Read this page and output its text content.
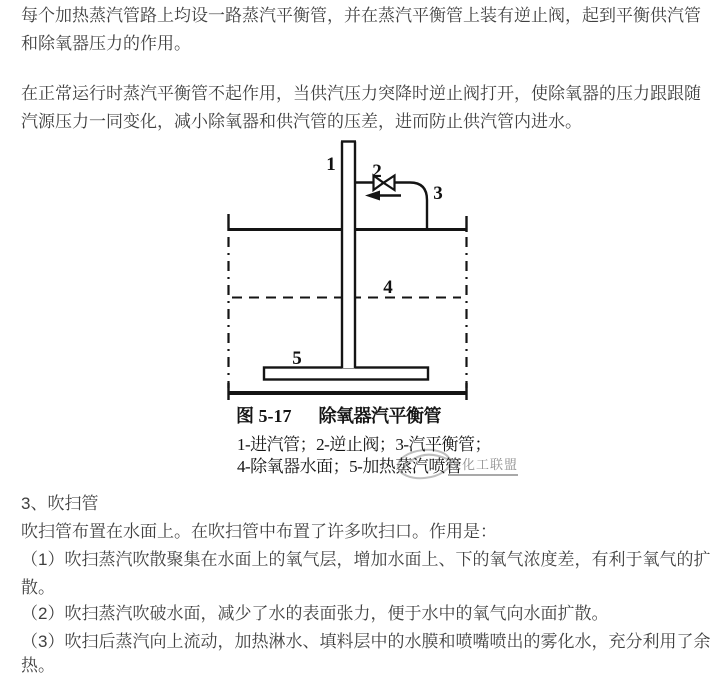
每个加热蒸汽管路上均设一路蒸汽平衡管，并在蒸汽平衡管上装有逆止阀，起到平衡供汽管
和除氧器压力的作用。
在正常运行时蒸汽平衡管不起作用，当供汽压力突降时逆止阀打开，使除氧器的压力跟跟随
汽源压力一同变化，减小除氧器和供汽管的压差，进而防止供汽管内进水。
1 2
3
4
5
图 5-17 除氧器汽平衡管
1-进汽管；2-逆止阀；3-汽平衡管；
4-除氧器水面；5-加热蒸汽喷管
煤化工联盟
3、吹扫管
吹扫管布置在水面上。在吹扫管中布置了许多吹扫口。作用是：
（1）吹扫蒸汽吹散聚集在水面上的氧气层，增加水面上、下的氧气浓度差，有利于氧气的扩
散。
（2）吹扫蒸汽吹破水面，减少了水的表面张力，便于水中的氧气向水面扩散。
（3）吹扫后蒸汽向上流动，加热淋水、填料层中的水膜和喷嘴喷出的雾化水，充分利用了余
热。
